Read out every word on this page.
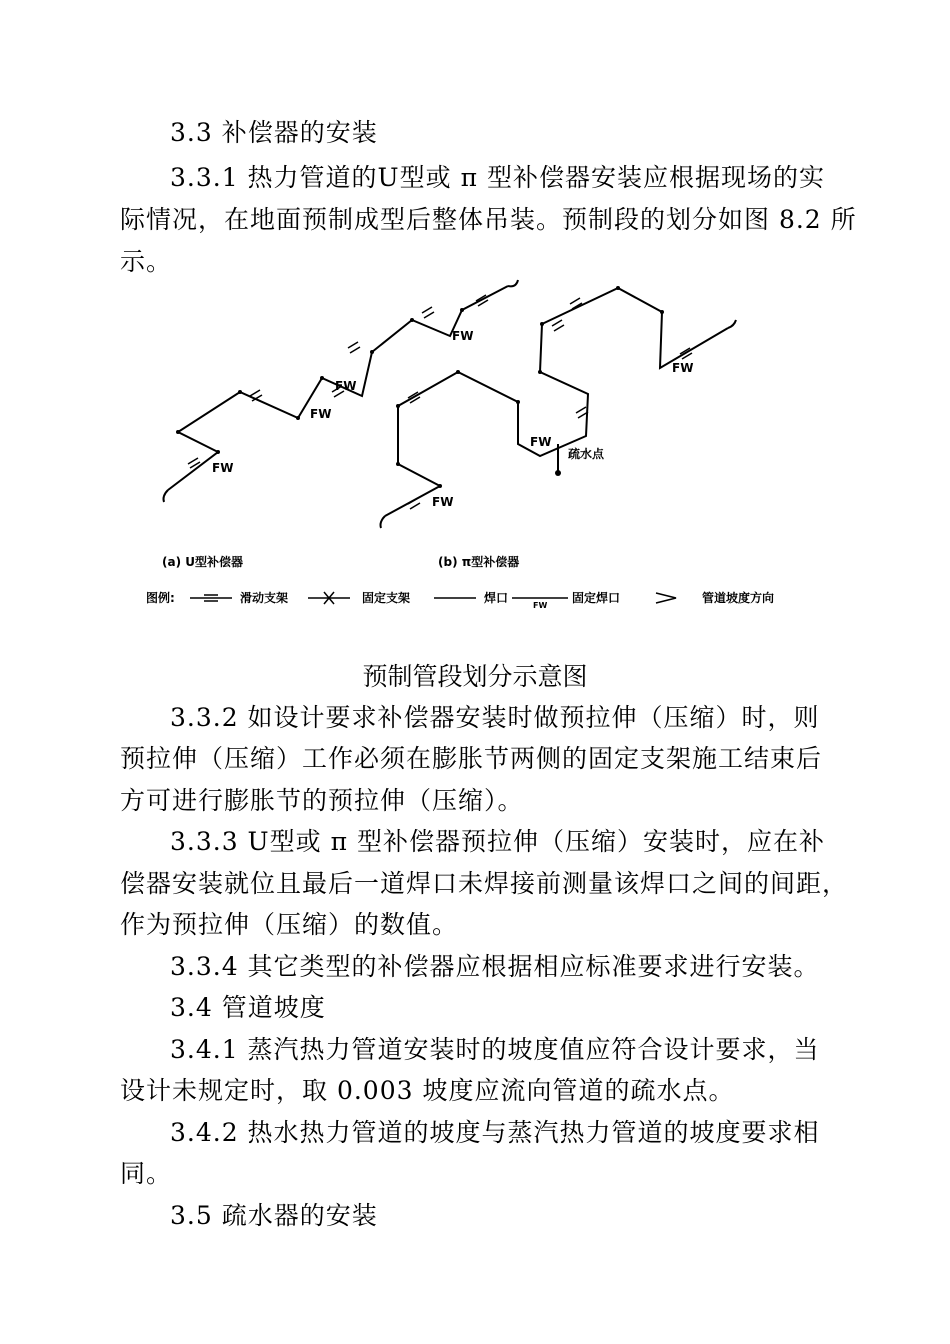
3.3 补偿器的安装
3.3.1 热力管道的U型或 π 型补偿器安装应根据现场的实
际情况，在地面预制成型后整体吊装。预制段的划分如图 8.2 所
示。
FW
FW
FW
FW
FW
FW
FW
疏水点
(a) U型补偿器	(b) π型补偿器
图例:	滑动支架	固定支架	焊口
FW
固定焊口	管道坡度方向
预制管段划分示意图
3.3.2 如设计要求补偿器安装时做预拉伸（压缩）时，则
预拉伸（压缩）工作必须在膨胀节两侧的固定支架施工结束后
方可进行膨胀节的预拉伸（压缩）。
3.3.3 U型或 π 型补偿器预拉伸（压缩）安装时，应在补
偿器安装就位且最后一道焊口未焊接前测量该焊口之间的间距，
作为预拉伸（压缩）的数值。
3.3.4 其它类型的补偿器应根据相应标准要求进行安装。
3.4 管道坡度
3.4.1 蒸汽热力管道安装时的坡度值应符合设计要求，当
设计未规定时，取 0.003 坡度应流向管道的疏水点。
3.4.2 热水热力管道的坡度与蒸汽热力管道的坡度要求相
同。
3.5 疏水器的安装
